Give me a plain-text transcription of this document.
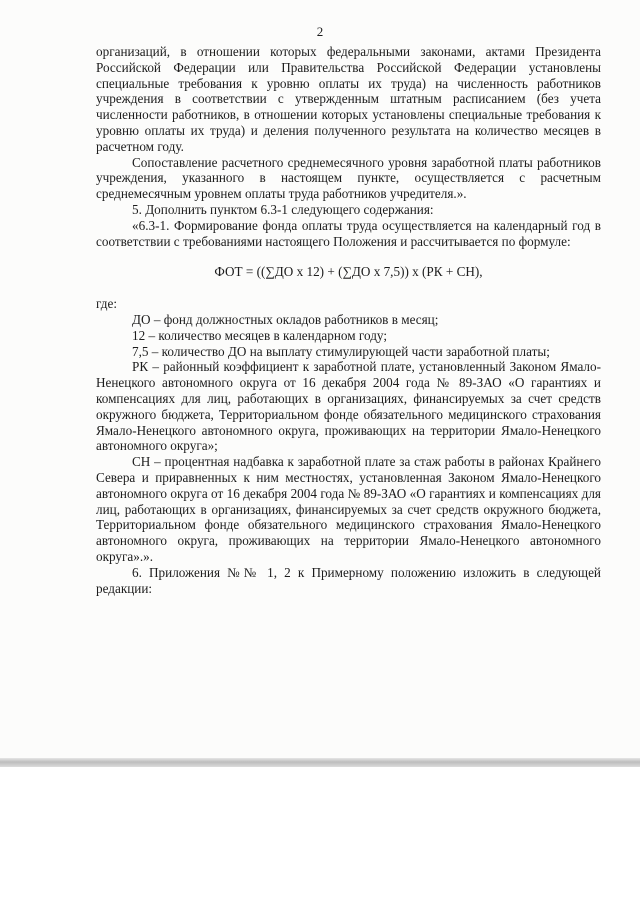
2

организаций, в отношении которых федеральными законами, актами Президента Российской Федерации или Правительства Российской Федерации установлены специальные требования к уровню оплаты их труда) на численность работников учреждения в соответствии с утвержденным штатным расписанием (без учета численности работников, в отношении которых установлены специальные требования к уровню оплаты их труда) и деления полученного результата на количество месяцев в расчетном году.

Сопоставление расчетного среднемесячного уровня заработной платы работников учреждения, указанного в настоящем пункте, осуществляется с расчетным среднемесячным уровнем оплаты труда работников учредителя.».

5. Дополнить пунктом 6.3-1 следующего содержания:

«6.3-1. Формирование фонда оплаты труда осуществляется на календарный год в соответствии с требованиями настоящего Положения и рассчитывается по формуле:

ФОТ = ((∑ДО х 12) + (∑ДО х 7,5)) х (РК + СН),

где:

ДО – фонд должностных окладов работников в месяц;

12 – количество месяцев в календарном году;

7,5 – количество ДО на выплату стимулирующей части заработной платы;

РК – районный коэффициент к заработной плате, установленный Законом Ямало-Ненецкого автономного округа от 16 декабря 2004 года № 89-ЗАО «О гарантиях и компенсациях для лиц, работающих в организациях, финансируемых за счет средств окружного бюджета, Территориальном фонде обязательного медицинского страхования Ямало-Ненецкого автономного округа, проживающих на территории Ямало-Ненецкого автономного округа»;

СН – процентная надбавка к заработной плате за стаж работы в районах Крайнего Севера и приравненных к ним местностях, установленная Законом Ямало-Ненецкого автономного округа от 16 декабря 2004 года № 89-ЗАО «О гарантиях и компенсациях для лиц, работающих в организациях, финансируемых за счет средств окружного бюджета, Территориальном фонде обязательного медицинского страхования Ямало-Ненецкого автономного округа, проживающих на территории Ямало-Ненецкого автономного округа».».

6. Приложения №№ 1, 2 к Примерному положению изложить в следующей редакции:
